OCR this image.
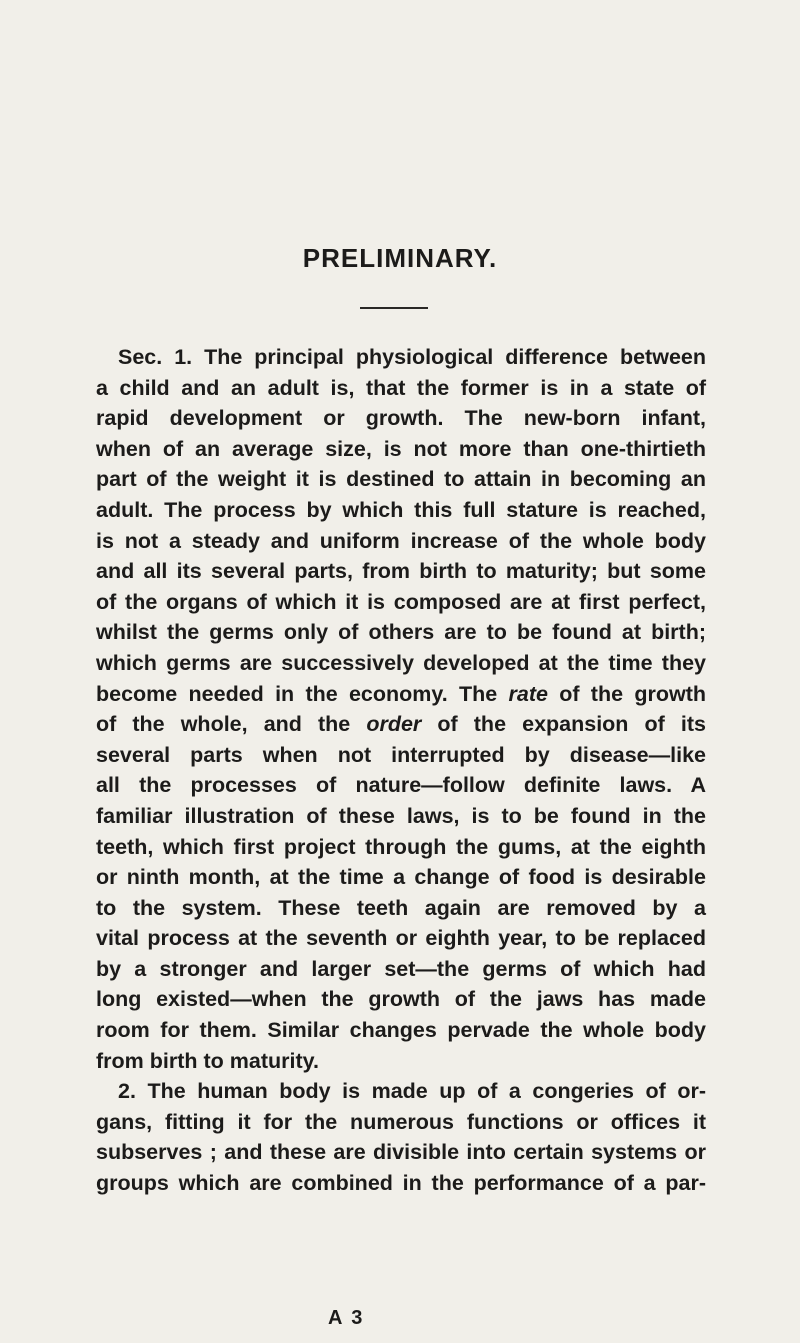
PRELIMINARY.
Sec. 1. The principal physiological difference between
a child and an adult is, that the former is in a state of
rapid development or growth. The new-born infant,
when of an average size, is not more than one-thirtieth
part of the weight it is destined to attain in becoming an
adult. The process by which this full stature is reached,
is not a steady and uniform increase of the whole body
and all its several parts, from birth to maturity; but some
of the organs of which it is composed are at first perfect,
whilst the germs only of others are to be found at birth;
which germs are successively developed at the time they
become needed in the economy. The rate of the growth
of the whole, and the order of the expansion of its
several parts when not interrupted by disease—like
all the processes of nature—follow definite laws. A
familiar illustration of these laws, is to be found in the
teeth, which first project through the gums, at the eighth
or ninth month, at the time a change of food is desirable
to the system. These teeth again are removed by a
vital process at the seventh or eighth year, to be replaced
by a stronger and larger set—the germs of which had
long existed—when the growth of the jaws has made
room for them. Similar changes pervade the whole body
from birth to maturity.
2. The human body is made up of a congeries of or-
gans, fitting it for the numerous functions or offices it
subserves ; and these are divisible into certain systems or
groups which are combined in the performance of a par-
A 3
